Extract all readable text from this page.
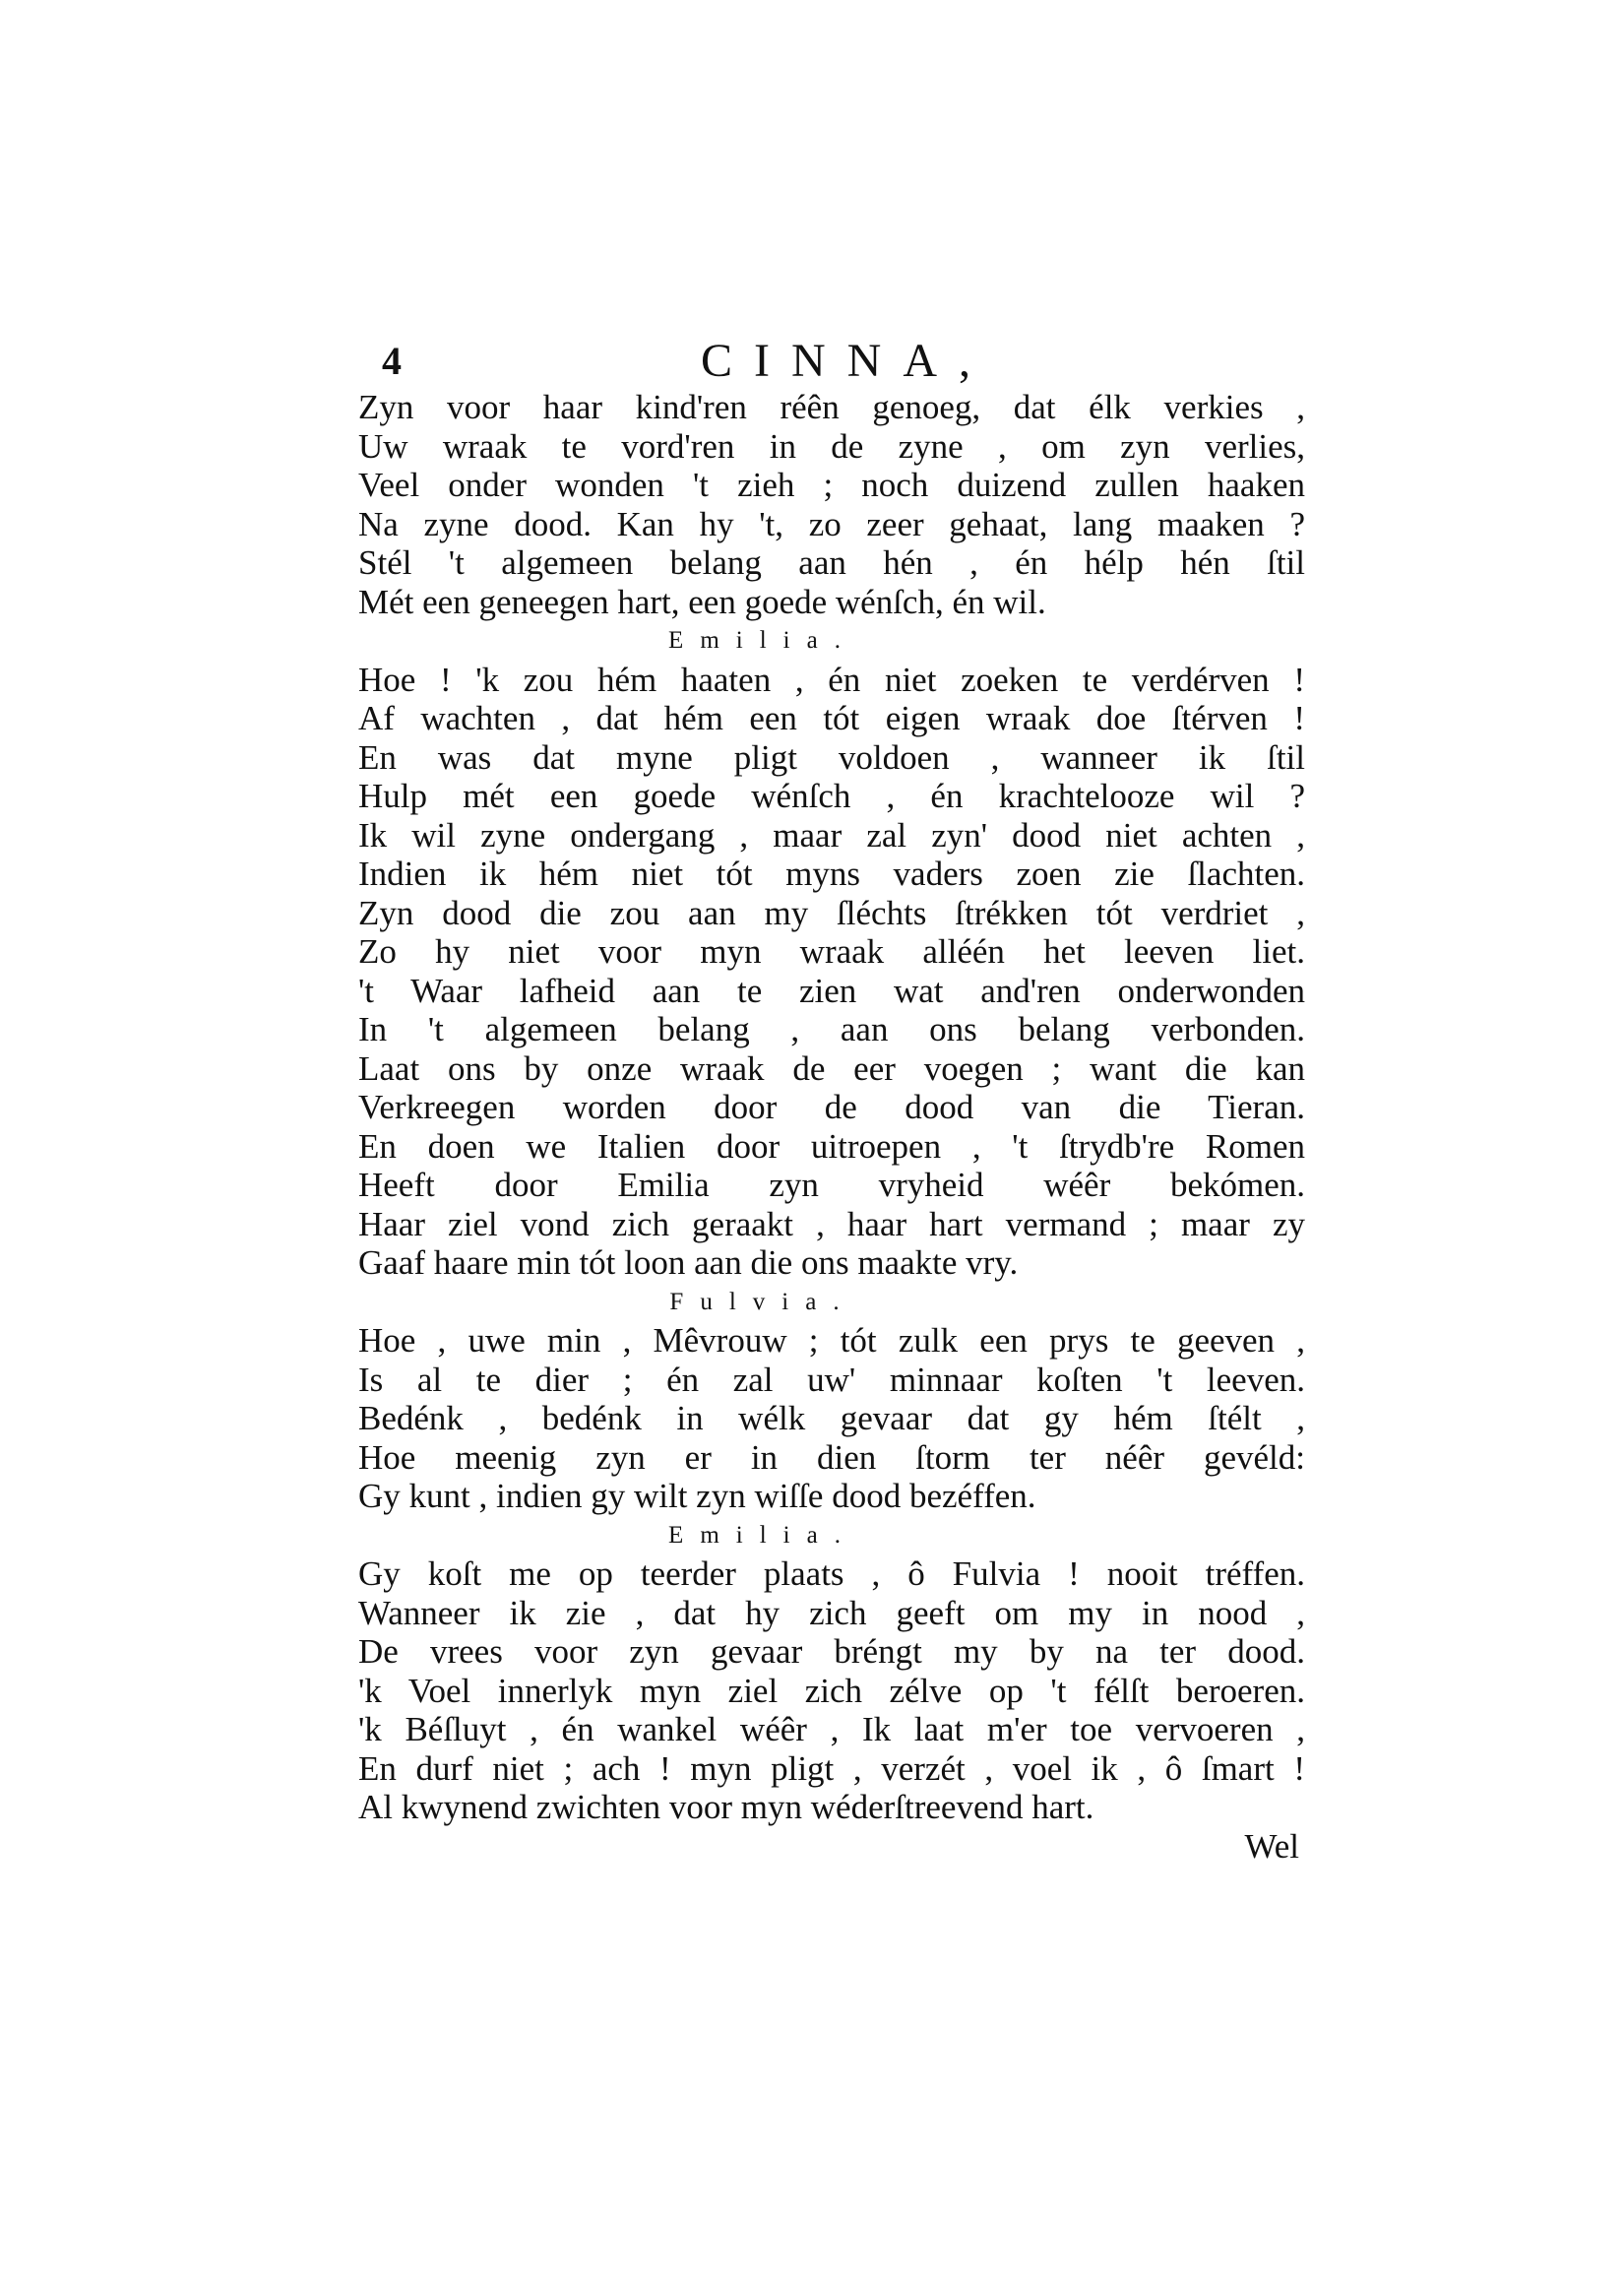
4	CINNA,
Zyn voor haar kind'ren réên genoeg, dat élk verkies ,
Uw wraak te vord'ren in de zyne , om zyn verlies,
Veel onder wonden 't zieh ; noch duizend zullen haaken
Na zyne dood. Kan hy 't, zo zeer gehaat, lang maaken ?
Stél 't algemeen belang aan hén , én hélp hén ſtil
Mét een geneegen hart, een goede wénſch, én wil.
Emilia.
Hoe ! 'k zou hém haaten , én niet zoeken te verdérven !
Af wachten , dat hém een tót eigen wraak doe ſtérven !
En was dat myne pligt voldoen , wanneer ik ſtil
Hulp mét een goede wénſch , én krachteloozе wil ?
Ik wil zyne ondergang , maar zal zyn' dood niet achten ,
Indien ik hém niet tót myns vaders zoen zie ſlachten.
Zyn dood die zou aan my ſléchts ſtrékken tót verdriet ,
Zo hy niet voor myn wraak alléén het leeven liet.
't Waar lafheid aan te zien wat and'ren onderwonden
In 't algemeen belang , aan ons belang verbonden.
Laat ons by onze wraak de eer voegen ; want die kan
Verkreegen worden door de dood van die Tieran.
En doen we Italien door uitroepen , 't ſtrydb're Romen
Heeft door Emilia zyn vryheid wéêr bekómen.
Haar ziel vond zich geraakt , haar hart vermand ; maar zy
Gaaf haare min tót loon aan die ons maakte vry.
Fulvia.
Hoe , uwe min , Mêvrouw ; tót zulk een prys te geeven ,
Is al te dier ; én zal uw' minnaar koſten 't leeven.
Bedénk , bedénk in wélk gevaar dat gy hém ſtélt ,
Hoe meenig zyn er in dien ſtorm ter néêr gevéld:
Gy kunt , indien gy wilt zyn wiſſe dood bezéffen.
Emilia.
Gy koſt me op teerder plaats , ô Fulvia ! nooit tréffen.
Wanneer ik zie , dat hy zich geeft om my in nood ,
De vrees voor zyn gevaar bréngt my by na ter dood.
'k Voel innerlyk myn ziel zich zélve op 't félſt beroeren.
'k Béſluyt , én wankel wéêr , Ik laat m'er toe vervoeren ,
En durf niet ; ach ! myn pligt , verzét , voel ik , ô ſmart !
Al kwynend zwichten voor myn wéderſtreevend hart.
Wel
